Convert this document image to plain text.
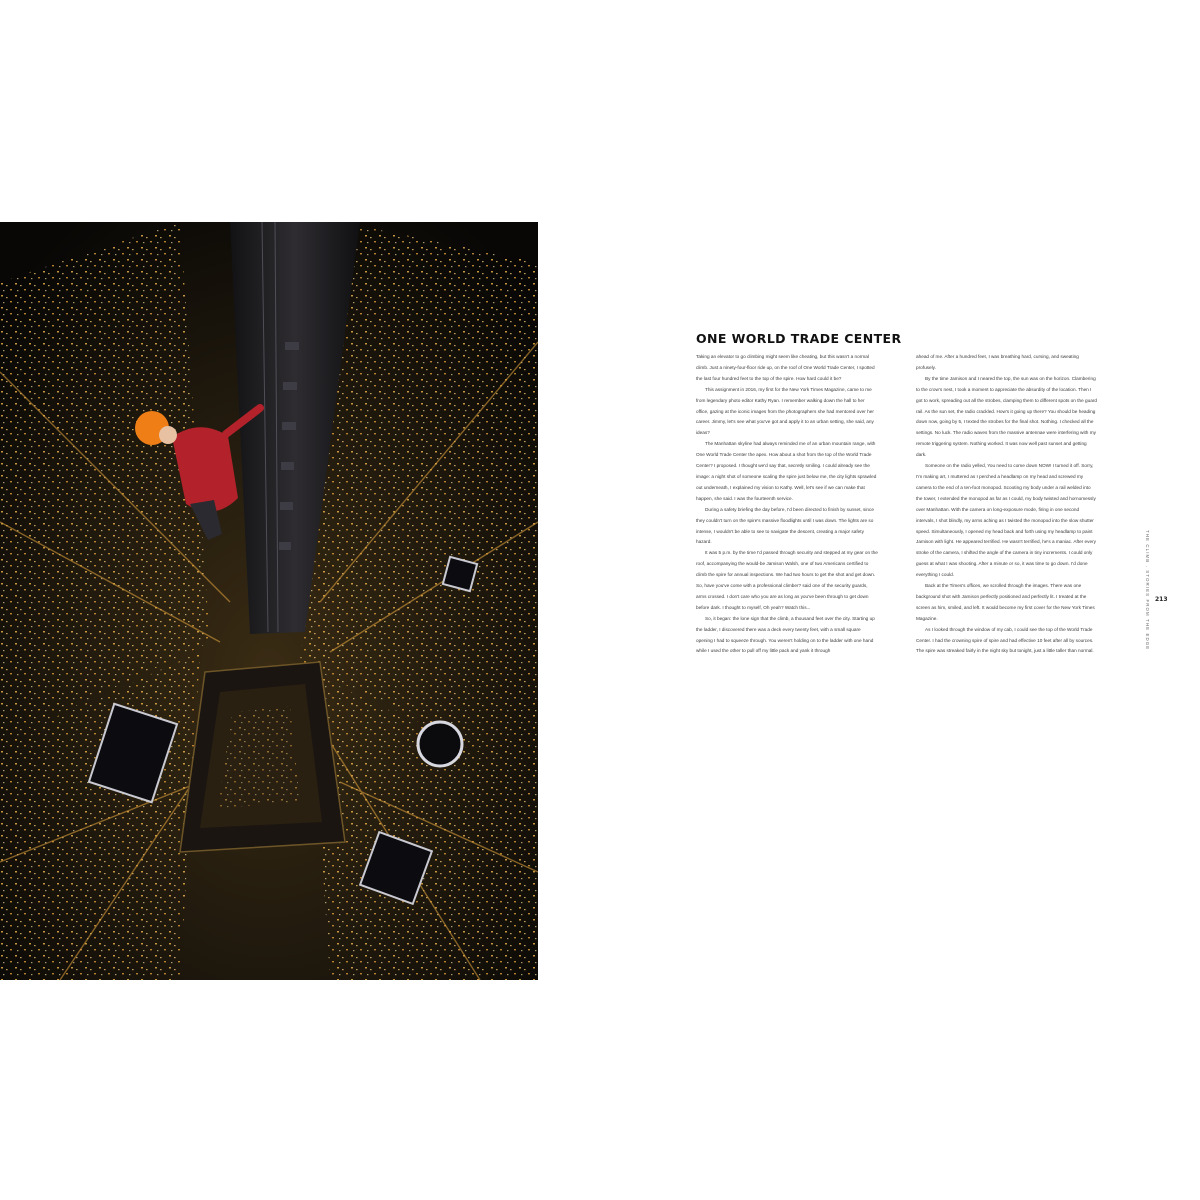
ONE WORLD TRADE CENTER

Taking an elevator to go climbing might seem like cheating, but this wasn't a normal climb. Just a ninety-four-floor ride up, on the roof of One World Trade Center, I spotted the last four hundred feet to the top of the spire. How hard could it be?

This assignment in 2016, my first for the New York Times Magazine, came to me from legendary photo editor Kathy Ryan. I remember walking down the hall to her office, gazing at the iconic images from the photographers she had mentored over her career. Jimmy, let's see what you've got and apply it to an urban setting, she said, any ideas?

The Manhattan skyline had always reminded me of an urban mountain range, with One World Trade Center the apex. How about a shot from the top of the World Trade Center? I proposed. I thought we'd say that, secretly smiling. I could already see the image: a night shot of someone scaling the spire just below me, the city lights sprawled out underneath, I explained my vision to Kathy. Well, let's see if we can make that happen, she said. I was the fourteenth service.

During a safety briefing the day before, I'd been directed to finish by sunset, since they couldn't turn on the spire's massive floodlights until I was down. The lights are so intense, I wouldn't be able to see to navigate the descent, creating a major safety hazard.

It was 5 p.m. by the time I'd passed through security and stepped at my gear on the roof, accompanying the would-be Jamison Walsh, one of two Americans certified to climb the spire for annual inspections. We had two hours to get the shot and get down. So, have you've come with a professional climber? said one of the security guards, arms crossed. I don't care who you are as long as you've been through to get down before dark. I thought to myself, Oh yeah? Watch this...

So, it began: the lone sign that the climb, a thousand feet over the city. Starting up the ladder, I discovered there was a deck every twenty feet, with a small square opening I had to squeeze through. You weren't holding on to the ladder with one hand while I used the other to pull off my little pack and yank it through

ahead of me. After a hundred feet, I was breathing hard, cursing, and sweating profusely.

By the time Jamison and I neared the top, the sun was on the horizon. Clambering to the crow's nest, I took a moment to appreciate the absurdity of the location. Then I got to work, spreading out all the strobes, clamping them to different spots on the guard rail. As the sun set, the radio crackled. How's it going up there? You should be heading down now, going by 5, I texted the strobes for the final shot. Nothing. I checked all the settings. No luck. The radio waves from the massive antennae were interfering with my remote triggering system. Nothing worked. It was now well past sunset and getting dark.

Someone on the radio yelled, You need to come down NOW! I turned it off. Sorry, I'm making art, I muttered as I perched a headlamp on my head and screwed my camera to the end of a ten-foot monopod. Scooting my body under a rail welded into the tower, I extended the monopod as far as I could, my body twisted and hornomessly over Manhattan. With the camera on long-exposure mode, firing in one second intervals, I shot blindly, my arms aching as I twisted the monopod into the slow shutter speed. Simultaneously, I opened my head back and forth using my headlamp to paint Jamison with light. He appeared terrified. He wasn't terrified, he's a maniac. After every stroke of the camera, I shifted the angle of the camera in tiny increments. I could only guess at what I was shooting. After a minute or so, it was time to go down. I'd done everything I could.

Back at the Times's offices, we scrolled through the images. There was one background shot with Jamison perfectly positioned and perfectly lit. I treated at the screen as him, smiled, and left. It would become my first cover for the New York Times Magazine.

As I looked through the window of my cab, I could see the top of the World Trade Center. I had the crowning spire of spire and had effective 10 feet after all by sources. The spire was streaked fairly in the night sky but tonight, just a little taller than normal.

THE CLIMB . STORIES FROM THE EDGE 213
